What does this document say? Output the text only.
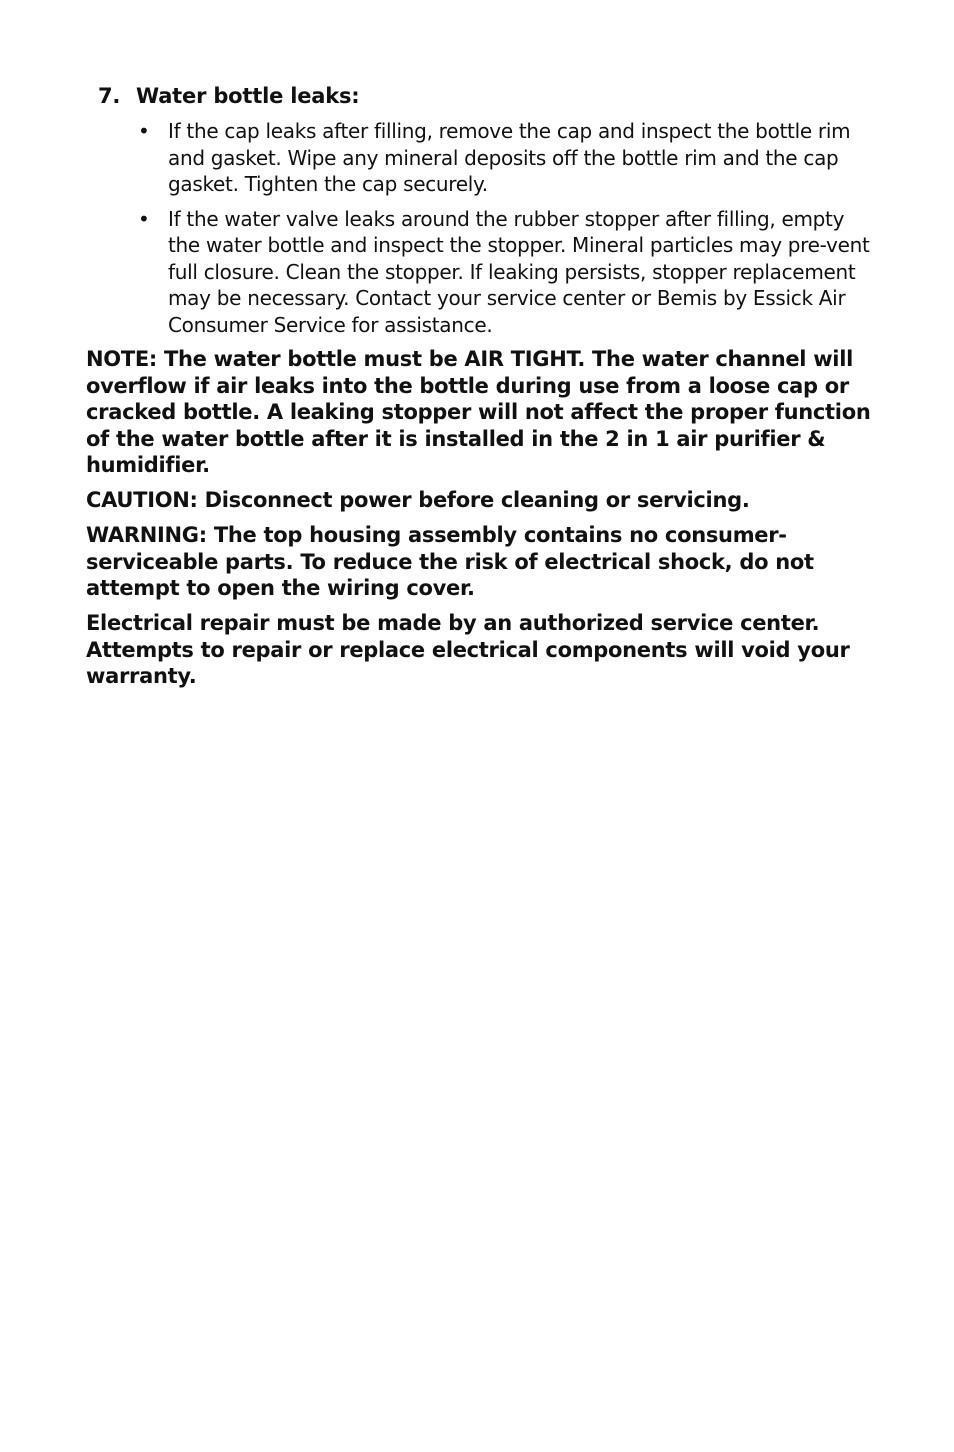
7. Water bottle leaks:
• If the cap leaks after filling, remove the cap and inspect the bottle rim and gasket. Wipe any mineral deposits off the bottle rim and the cap gasket. Tighten the cap securely.
• If the water valve leaks around the rubber stopper after filling, empty the water bottle and inspect the stopper. Mineral particles may pre-vent full closure. Clean the stopper. If leaking persists, stopper replacement may be necessary. Contact your service center or Bemis by Essick Air Consumer Service for assistance.
NOTE: The water bottle must be AIR TIGHT. The water channel will overflow if air leaks into the bottle during use from a loose cap or cracked bottle. A leaking stopper will not affect the proper function of the water bottle after it is installed in the 2 in 1 air purifier & humidifier.
CAUTION: Disconnect power before cleaning or servicing.
WARNING: The top housing assembly contains no consumer-serviceable parts. To reduce the risk of electrical shock, do not attempt to open the wiring cover.
Electrical repair must be made by an authorized service center. Attempts to repair or replace electrical components will void your warranty.
